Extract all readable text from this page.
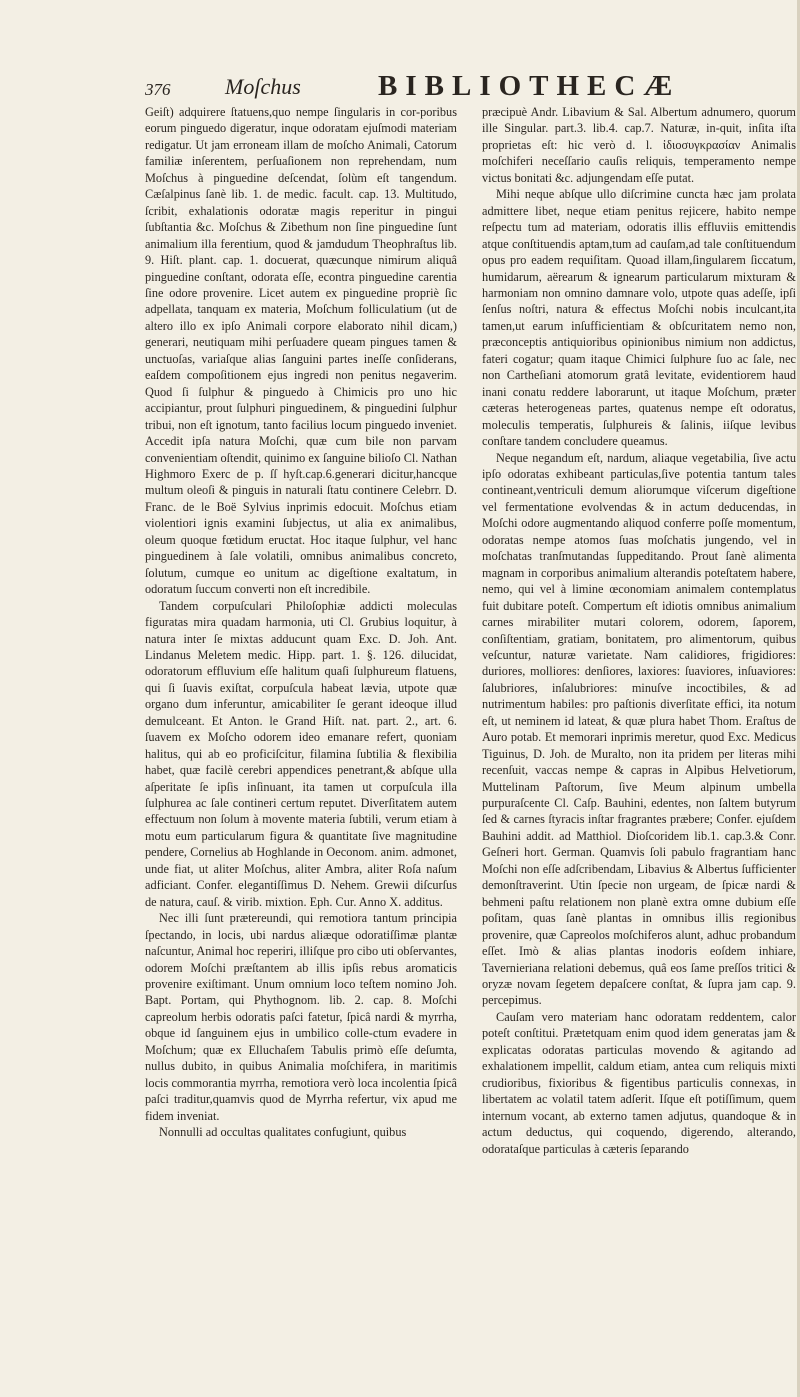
376 Moſchus	BIBLIOTHECÆ

Geiſt) adquirere ſtatuens,quo nempe ſingularis in cor-poribus eorum pinguedo digeratur, inque odoratam ejuſmodi materiam redigatur. Ut jam erroneam illam de moſcho Animali, Catorum familiæ inſerentem, perſuaſionem non reprehendam, num Moſchus à pinguedine deſcendat, ſolùm eſt tangendum. Cæſalpinus ſanè lib. 1. de medic. facult. cap. 13. Multitudo, ſcribit, exhalationis odoratæ magis reperitur in pingui ſubſtantia &c. Moſchus & Zibethum non ſine pinguedine ſunt animalium illa ferentium, quod & jamdudum Theophraſtus lib. 9. Hiſt. plant. cap. 1. docuerat, quæcunque nimirum aliquâ pinguedine conſtant, odorata eſſe, econtra pinguedine carentia ſine odore provenire. Licet autem ex pinguedine propriè ſic adpellata, tanquam ex materia, Moſchum folliculatium (ut de altero illo ex ipſo Animali corpore elaborato nihil dicam,) generari, neutiquam mihi perſuadere queam pingues tamen & unctuoſas, variaſque alias ſanguini partes ineſſe conſiderans, eaſdem compoſitionem ejus ingredi non penitus negaverim. Quod ſi ſulphur & pinguedo à Chimicis pro uno hic accipiantur, prout ſulphuri pinguedinem, & pinguedini ſulphur tribui, non eſt ignotum, tanto facilius locum pinguedo inveniet. Accedit ipſa natura Moſchi, quæ cum bile non parvam convenientiam oſtendit, quinimo ex ſanguine bilioſo Cl. Nathan Highmoro Exerc de p. ſſ hyſt.cap.6.generari dicitur,hancque multum oleoſi & pinguis in naturali ſtatu continere Celebrr. D. Franc. de le Boë Sylvius inprimis edocuit. Moſchus etiam violentiori ignis examini ſubjectus, ut alia ex animalibus, oleum quoque fœtidum eructat. Hoc itaque ſulphur, vel hanc pinguedinem à ſale volatili, omnibus animalibus concreto, ſolutum, cumque eo unitum ac digeſtione exaltatum, in odoratum ſuccum converti non eſt incredibile.

Tandem corpuſculari Philoſophiæ addicti moleculas figuratas mira quadam harmonia, uti Cl. Grubius loquitur, à natura inter ſe mixtas adducunt quam Exc. D. Joh. Ant. Lindanus Meletem medic. Hipp. part. 1. §. 126. dilucidat, odoratorum effluvium eſſe halitum quaſi ſulphureum flatuens, qui ſi ſuavis exiſtat, corpuſcula habeat lævia, utpote quæ organo dum inferuntur, amicabiliter ſe gerant ideoque illud demulceant. Et Anton. le Grand Hiſt. nat. part. 2., art. 6. ſuavem ex Moſcho odorem ideo emanare refert, quoniam halitus, qui ab eo proficiſcitur, filamina ſubtilia & flexibilia habet, quæ facilè cerebri appendices penetrant,& abſque ulla aſperitate ſe ipſis inſinuant, ita tamen ut corpuſcula illa ſulphurea ac ſale contineri certum reputet. Diverſitatem autem effectuum non ſolum à movente materia ſubtili, verum etiam à motu eum particularum figura & quantitate ſive magnitudine pendere, Cornelius ab Hoghlande in Oeconom. anim. admonet, unde fiat, ut aliter Moſchus, aliter Ambra, aliter Roſa naſum adficiant. Confer. elegantiſſimus D. Nehem. Grewii diſcurſus de natura, cauſ. & virib. mixtion. Eph. Cur. Anno X. additus.

Nec illi ſunt prætereundi, qui remotiora tantum principia ſpectando, in locis, ubi nardus aliæque odoratiſſimæ plantæ naſcuntur, Animal hoc reperiri, illiſque pro cibo uti obſervantes, odorem Moſchi præſtantem ab illis ipſis rebus aromaticis provenire exiſtimant. Unum omnium loco teſtem nomino Joh. Bapt. Portam, qui Phythognom. lib. 2. cap. 8. Moſchi capreolum herbis odoratis paſci fatetur, ſpicâ nardi & myrrha, obque id ſanguinem ejus in umbilico colle-ctum evadere in Moſchum; quæ ex Elluchaſem Tabulis primò eſſe deſumta, nullus dubito, in quibus Animalia moſchifera, in maritimis locis commorantia myrrha, remotiora verò loca incolentia ſpicâ paſci traditur,quamvis quod de Myrrha refertur, vix apud me fidem inveniat.

Nonnulli ad occultas qualitates confugiunt, quibus

præcipuè Andr. Libavium & Sal. Albertum adnumero, quorum ille Singular. part.3. lib.4. cap.7. Naturæ, in-quit, inſita iſta proprietas eſt: hic verò d. l. ἰδιοσυγκρασίαν Animalis moſchiferi neceſſario cauſis reliquis, temperamento nempe victus bonitati &c. adjungendam eſſe putat.

Mihi neque abſque ullo diſcrimine cuncta hæc jam prolata admittere libet, neque etiam penitus rejicere, habito nempe reſpectu tum ad materiam, odoratis illis effluviis emittendis atque conſtituendis aptam,tum ad cauſam,ad tale conſtituendum opus pro eadem requiſitam. Quoad illam,ſingularem ſiccatum, humidarum, aërearum & ignearum particularum mixturam & harmoniam non omnino damnare volo, utpote quas adeſſe, ipſi ſenſus noſtri, natura & effectus Moſchi nobis inculcant,ita tamen,ut earum inſufficientiam & obſcuritatem nemo non, præconceptis antiquioribus opinionibus nimium non addictus, fateri cogatur; quam itaque Chimici ſulphure ſuo ac ſale, nec non Cartheſiani atomorum gratâ levitate, evidentiorem haud inani conatu reddere laborarunt, ut itaque Moſchum, præter cæteras heterogeneas partes, quatenus nempe eſt odoratus, moleculis temperatis, ſulphureis & ſalinis, iiſque levibus conſtare tandem concludere queamus.

Neque negandum eſt, nardum, aliaque vegetabilia, ſive actu ipſo odoratas exhibeant particulas,ſive potentia tantum tales contineant,ventriculi demum aliorumque viſcerum digeſtione vel fermentatione evolvendas & in actum deducendas, in Moſchi odore augmentando aliquod conferre poſſe momentum, odoratas nempe atomos ſuas moſchatis jungendo, vel in moſchatas tranſmutandas ſuppeditando. Prout ſanè alimenta magnam in corporibus animalium alterandis poteſtatem habere, nemo, qui vel à limine œconomiam animalem contemplatus fuit dubitare poteſt. Compertum eſt idiotis omnibus animalium carnes mirabiliter mutari colorem, odorem, ſaporem, conſiſtentiam, gratiam, bonitatem, pro alimentorum, quibus veſcuntur, naturæ varietate. Nam calidiores, frigidiores: duriores, molliores: denſiores, laxiores: ſuaviores, inſuaviores: ſalubriores, inſalubriores: minuſve incoctibiles, & ad nutrimentum habiles: pro paſtionis diverſitate effici, ita notum eſt, ut neminem id lateat, & quæ plura habet Thom. Eraſtus de Auro potab. Et memorari inprimis meretur, quod Exc. Medicus Tiguinus, D. Joh. de Muralto, non ita pridem per literas mihi recenſuit, vaccas nempe & capras in Alpibus Helvetiorum, Muttelinam Paſtorum, ſive Meum alpinum umbella purpuraſcente Cl. Caſp. Bauhini, edentes, non ſaltem butyrum ſed & carnes ſtyracis inſtar fragrantes præbere; Confer. ejuſdem Bauhini addit. ad Matthiol. Dioſcoridem lib.1. cap.3.& Conr. Geſneri hort. German. Quamvis ſoli pabulo fragrantiam hanc Moſchi non eſſe adſcribendam, Libavius & Albertus ſufficienter demonſtraverint. Utin ſpecie non urgeam, de ſpicæ nardi & behmeni paſtu relationem non planè extra omne dubium eſſe poſitam, quas ſanè plantas in omnibus illis regionibus provenire, quæ Capreolos moſchiferos alunt, adhuc probandum eſſet. Imò & alias plantas inodoris eoſdem inhiare, Tavernieriana relationi debemus, quâ eos ſame preſſos tritici & oryzæ novam ſegetem depaſcere conſtat, & ſupra jam cap. 9. percepimus.

Cauſam vero materiam hanc odoratam reddentem, calor poteſt conſtitui. Prætetquam enim quod idem generatas jam & explicatas odoratas particulas movendo & agitando ad exhalationem impellit, caldum etiam, antea cum reliquis mixti crudioribus, fixioribus & figentibus particulis connexas, in libertatem ac volatil tatem adſerit. Iſque eſt potiſſimum, quem internum vocant, ab externo tamen adjutus, quandoque & in actum deductus, qui coquendo, digerendo, alterando, odorataſque particulas à cæteris ſeparando
